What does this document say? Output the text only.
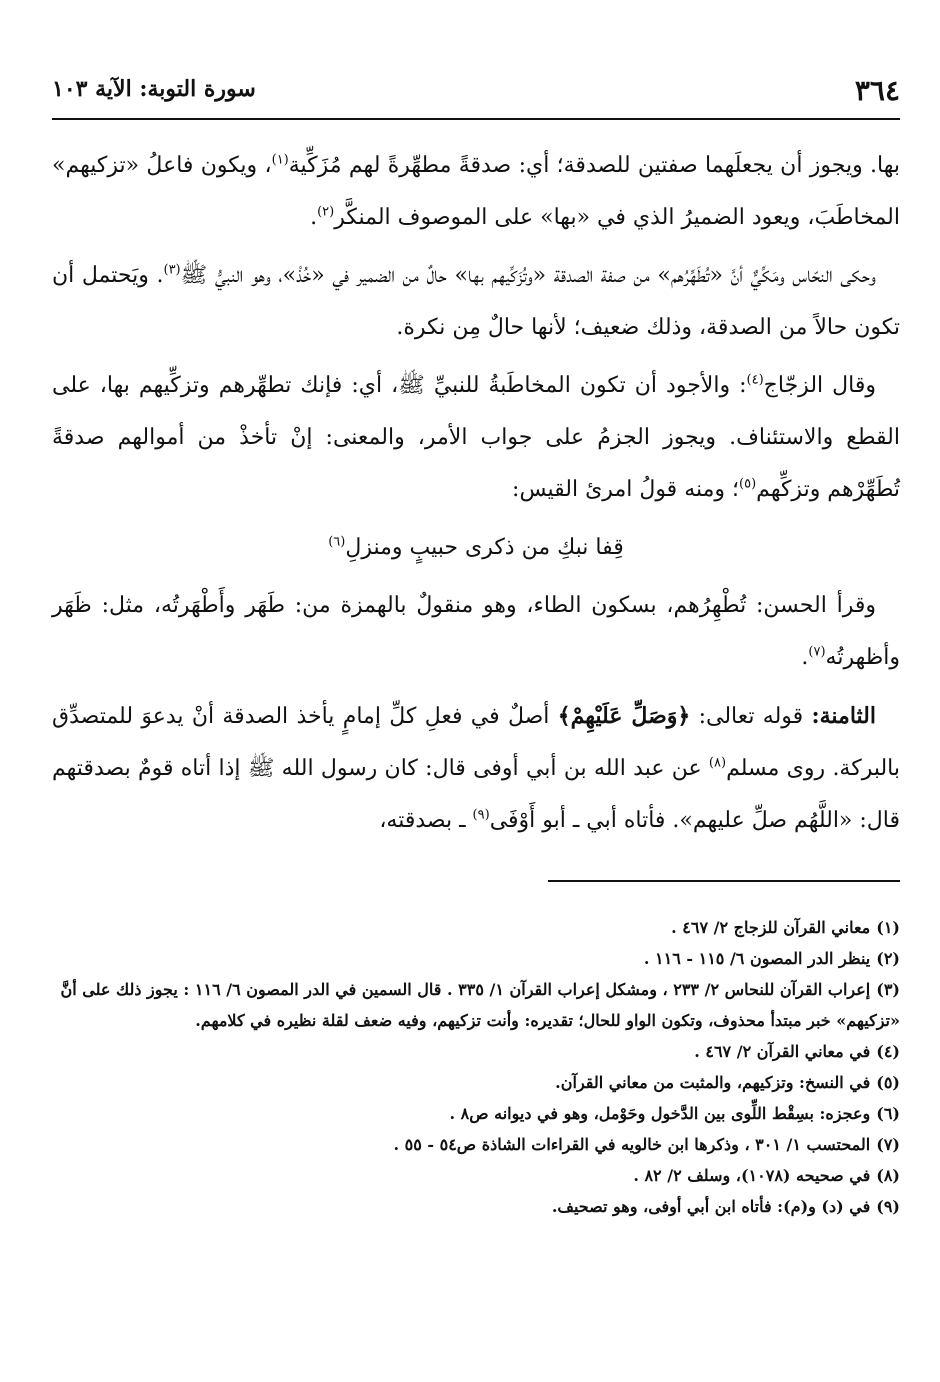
٣٦٤
سورة التوبة: الآية ١٠٣

بها. ويجوز أن يجعلَهما صفتين للصدقة؛ أي: صدقةً مطهِّرةً لهم مُزَكِّية$^{(١)}$، ويكون فاعلُ «تزكيهم» المخاطَبَ، ويعود الضميرُ الذي في «بها» على الموصوف المنكَّر$^{(٢)}$.

وحكى النحّاس ومَكِّيٌّ أنَّ «تُطَهِّرُهم» من صفة الصدقة «وتُزَكِّيهم بها» حالٌ من الضمير في «خُذْ»، وهو النبيُّ ﷺ$^{(٣)}$. ويَحتمل أن تكون حالاً من الصدقة، وذلك ضعيف؛ لأنها حالٌ مِن نكرة.

وقال الزجّاج$^{(٤)}$: والأجود أن تكون المخاطَبةُ للنبيِّ ﷺ، أي: فإنك تطهِّرهم وتزكِّيهم بها، على القطع والاستئناف. ويجوز الجزمُ على جواب الأمر، والمعنى: إنْ تأخذْ من أموالهم صدقةً تُطَهِّرْهم وتزكِّهم$^{(٥)}$؛ ومنه قولُ امرئ القيس:

قِفا نبكِ من ذكرى حبيبٍ ومنزلِ$^{(٦)}$

وقرأ الحسن: تُطْهِرُهم، بسكون الطاء، وهو منقولٌ بالهمزة من: طَهَر وأَطْهَرتُه، مثل: ظَهَر وأظهرتُه$^{(٧)}$.

الثامنة: قوله تعالى: ﴿وَصَلِّ عَلَيْهِمْ﴾ أصلٌ في فعلِ كلِّ إمامٍ يأخذ الصدقة أنْ يدعوَ للمتصدِّق بالبركة. روى مسلم$^{(٨)}$ عن عبد الله بن أبي أوفى قال: كان رسول الله ﷺ إذا أتاه قومٌ بصدقتهم قال: «اللَّهُم صلِّ عليهم». فأتاه أبي ـ أبو أَوْفَى$^{(٩)}$ ـ بصدقته،

(١)معاني القرآن للزجاج ٢/ ٤٦٧ .

(٢)ينظر الدر المصون ٦/ ١١٥ - ١١٦ .

(٣)إعراب القرآن للنحاس ٢/ ٢٣٣ ، ومشكل إعراب القرآن ١/ ٣٣٥ . قال السمين في الدر المصون ٦/ ١١٦ : يجوز ذلك على أنَّ «تزكيهم» خبر مبتدأ محذوف، وتكون الواو للحال؛ تقديره: وأنت تزكيهم، وفيه ضعف لقلة نظيره في كلامهم.

(٤)في معاني القرآن ٢/ ٤٦٧ .

(٥)في النسخ: وتزكيهم، والمثبت من معاني القرآن.

(٦)وعجزه: بسِقْط اللِّوى بين الدَّخول وحَوْمل، وهو في ديوانه ص٨ .

(٧)المحتسب ١/ ٣٠١ ، وذكرها ابن خالويه في القراءات الشاذة ص٥٤ - ٥٥ .

(٨)في صحيحه (١٠٧٨)، وسلف ٢/ ٨٢ .

(٩)في (د) و(م): فأتاه ابن أبي أوفى، وهو تصحيف.
